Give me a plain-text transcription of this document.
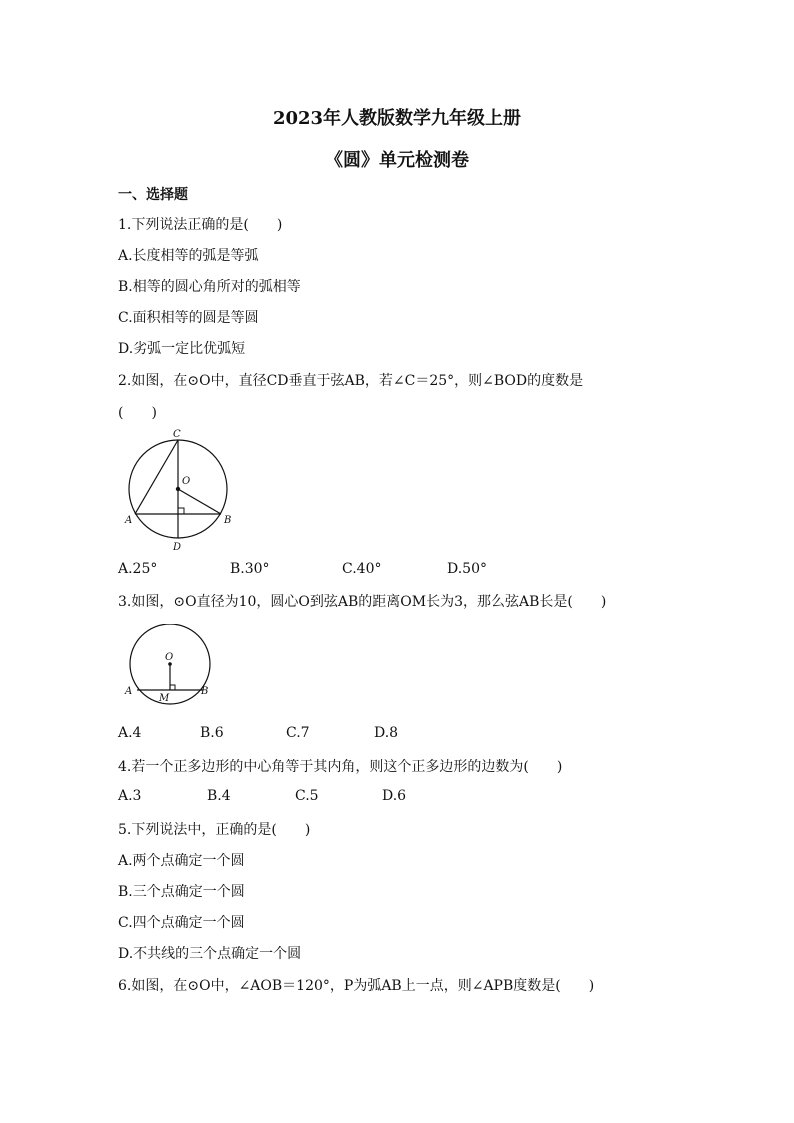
2023年人教版数学九年级上册
《圆》单元检测卷
一、选择题
1.下列说法正确的是(　　)
A.长度相等的弧是等弧
B.相等的圆心角所对的弧相等
C.面积相等的圆是等圆
D.劣弧一定比优弧短
2.如图，在⊙O中，直径CD垂直于弦AB，若∠C＝25°，则∠BOD的度数是
(　　)
C
O
A	B
D
A.25°	B.30°	C.40°	D.50°
3.如图，⊙O直径为10，圆心O到弦AB的距离OM长为3，那么弦AB长是(　　)
O
A
M
B
A.4	B.6	C.7	D.8
4.若一个正多边形的中心角等于其内角，则这个正多边形的边数为(　　)
A.3	B.4	C.5	D.6
5.下列说法中，正确的是(　　)
A.两个点确定一个圆
B.三个点确定一个圆
C.四个点确定一个圆
D.不共线的三个点确定一个圆
6.如图，在⊙O中，∠AOB＝120°，P为弧AB上一点，则∠APB度数是(　　)
